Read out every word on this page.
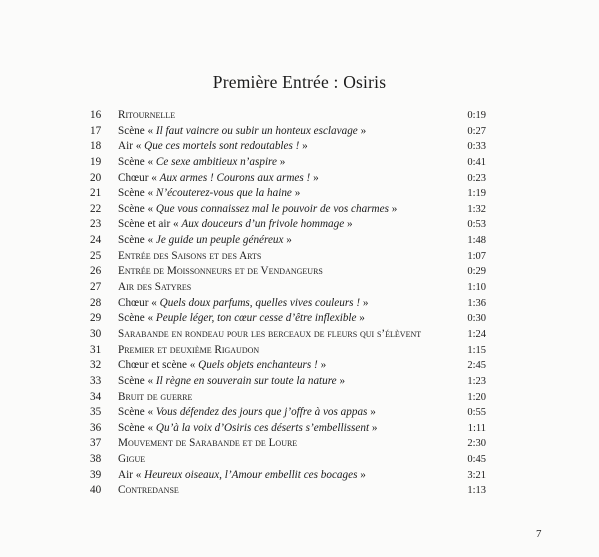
Première Entrée : Osiris
16 Ritournelle	0:19
17 Scène « Il faut vaincre ou subir un honteux esclavage »	0:27
18 Air « Que ces mortels sont redoutables ! »	0:33
19 Scène « Ce sexe ambitieux n’aspire »	0:41
20 Chœur « Aux armes ! Courons aux armes ! »	0:23
21 Scène « N’écouterez-vous que la haine »	1:19
22 Scène « Que vous connaissez mal le pouvoir de vos charmes »	1:32
23 Scène et air « Aux douceurs d’un frivole hommage »	0:53
24 Scène « Je guide un peuple généreux »	1:48
25 Entrée des Saisons et des Arts	1:07
26 Entrée de Moissonneurs et de Vendangeurs	0:29
27 Air des Satyres	1:10
28 Chœur « Quels doux parfums, quelles vives couleurs ! »	1:36
29 Scène « Peuple léger, ton cœur cesse d’être inflexible »	0:30
30 Sarabande en rondeau pour les berceaux de fleurs qui s’élèvent	1:24
31 Premier et deuxième Rigaudon	1:15
32 Chœur et scène « Quels objets enchanteurs ! »	2:45
33 Scène « Il règne en souverain sur toute la nature »	1:23
34 Bruit de guerre	1:20
35 Scène « Vous défendez des jours que j’offre à vos appas »	0:55
36 Scène « Qu’à la voix d’Osiris ces déserts s’embellissent »	1:11
37 Mouvement de Sarabande et de Loure	2:30
38 Gigue	0:45
39 Air « Heureux oiseaux, l’Amour embellit ces bocages »	3:21
40 Contredanse	1:13
7
